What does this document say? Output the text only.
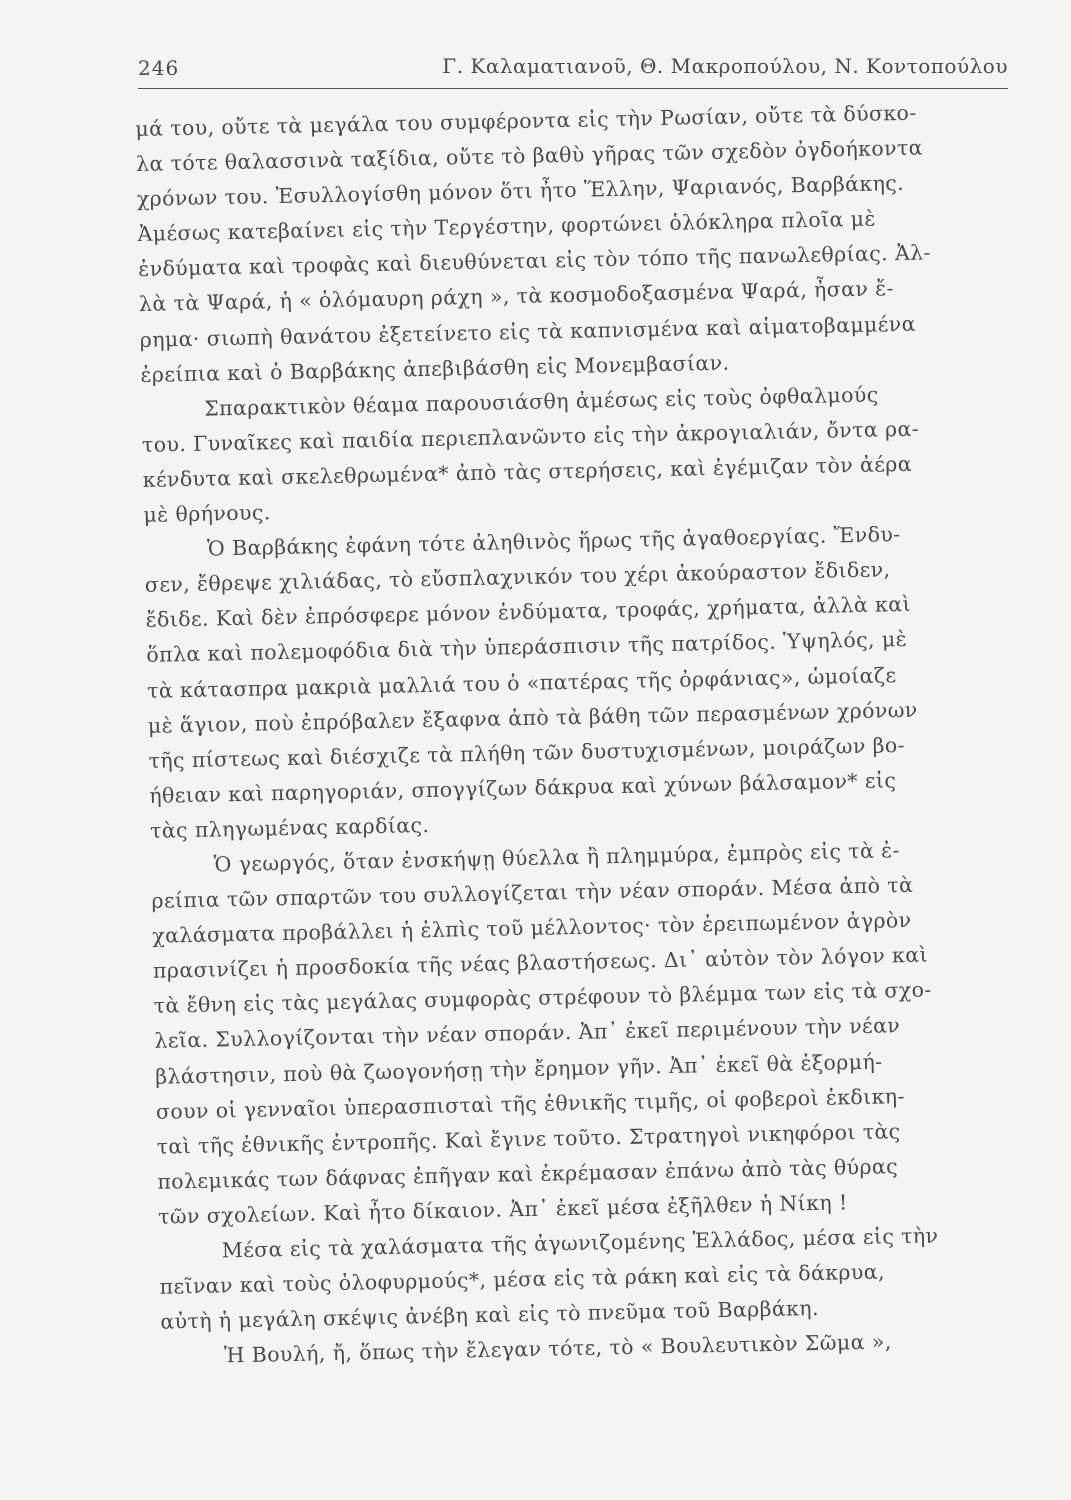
246	Γ. Καλαματιανοῦ, Θ. Μακροπούλου, Ν. Κοντοπούλου
μά του, οὔτε τὰ μεγάλα του συμφέροντα εἰς τὴν Ρωσίαν, οὔτε τὰ δύσκο-
λα τότε θαλασσινὰ ταξίδια, οὔτε τὸ βαθὺ γῆρας τῶν σχεδὸν ὀγδοήκοντα
χρόνων του. Ἐσυλλογίσθη μόνον ὅτι ἦτο Ἕλλην, Ψαριανός, Βαρβάκης.
Ἀμέσως κατεβαίνει εἰς τὴν Τεργέστην, φορτώνει ὁλόκληρα πλοῖα μὲ
ἐνδύματα καὶ τροφὰς καὶ διευθύνεται εἰς τὸν τόπο τῆς πανωλεθρίας. Ἀλ-
λὰ τὰ Ψαρά, ἡ « ὁλόμαυρη ράχη », τὰ κοσμοδοξασμένα Ψαρά, ἦσαν ἔ-
ρημα· σιωπὴ θανάτου ἐξετείνετο εἰς τὰ καπνισμένα καὶ αἱματοβαμμένα
ἐρείπια καὶ ὁ Βαρβάκης ἀπεβιβάσθη εἰς Μονεμβασίαν.
Σπαρακτικὸν θέαμα παρουσιάσθη ἀμέσως εἰς τοὺς ὀφθαλμούς
του. Γυναῖκες καὶ παιδία περιεπλανῶντο εἰς τὴν ἀκρογιαλιάν, ὄντα ρα-
κένδυτα καὶ σκελεθρωμένα* ἀπὸ τὰς στερήσεις, καὶ ἐγέμιζαν τὸν ἀέρα
μὲ θρήνους.
Ὁ Βαρβάκης ἐφάνη τότε ἀληθινὸς ἥρως τῆς ἀγαθοεργίας. Ἔνδυ-
σεν, ἔθρεψε χιλιάδας, τὸ εὔσπλαχνικόν του χέρι ἀκούραστον ἔδιδεν,
ἔδιδε. Καὶ δὲν ἐπρόσφερε μόνον ἐνδύματα, τροφάς, χρήματα, ἀλλὰ καὶ
ὅπλα καὶ πολεμοφόδια διὰ τὴν ὑπεράσπισιν τῆς πατρίδος. Ὑψηλός, μὲ
τὰ κάτασπρα μακριὰ μαλλιά του ὁ «πατέρας τῆς ὀρφάνιας», ὡμοίαζε
μὲ ἅγιον, ποὺ ἐπρόβαλεν ἔξαφνα ἀπὸ τὰ βάθη τῶν περασμένων χρόνων
τῆς πίστεως καὶ διέσχιζε τὰ πλήθη τῶν δυστυχισμένων, μοιράζων βο-
ήθειαν καὶ παρηγοριάν, σπογγίζων δάκρυα καὶ χύνων βάλσαμον* εἰς
τὰς πληγωμένας καρδίας.
Ὁ γεωργός, ὅταν ἐνσκήψῃ θύελλα ἢ πλημμύρα, ἐμπρὸς εἰς τὰ ἐ-
ρείπια τῶν σπαρτῶν του συλλογίζεται τὴν νέαν σποράν. Μέσα ἀπὸ τὰ
χαλάσματα προβάλλει ἡ ἐλπὶς τοῦ μέλλοντος· τὸν ἐρειπωμένον ἀγρὸν
πρασινίζει ἡ προσδοκία τῆς νέας βλαστήσεως. Δι᾿ αὐτὸν τὸν λόγον καὶ
τὰ ἔθνη εἰς τὰς μεγάλας συμφορὰς στρέφουν τὸ βλέμμα των εἰς τὰ σχο-
λεῖα. Συλλογίζονται τὴν νέαν σποράν. Ἀπ᾿ ἐκεῖ περιμένουν τὴν νέαν
βλάστησιν, ποὺ θὰ ζωογονήσῃ τὴν ἔρημον γῆν. Ἀπ᾿ ἐκεῖ θὰ ἐξορμή-
σουν οἱ γενναῖοι ὑπερασπισταὶ τῆς ἐθνικῆς τιμῆς, οἱ φοβεροὶ ἐκδικη-
ταὶ τῆς ἐθνικῆς ἐντροπῆς. Καὶ ἔγινε τοῦτο. Στρατηγοὶ νικηφόροι τὰς
πολεμικάς των δάφνας ἐπῆγαν καὶ ἐκρέμασαν ἐπάνω ἀπὸ τὰς θύρας
τῶν σχολείων. Καὶ ἦτο δίκαιον. Ἀπ᾿ ἐκεῖ μέσα ἐξῆλθεν ἡ Νίκη !
Μέσα εἰς τὰ χαλάσματα τῆς ἀγωνιζομένης Ἑλλάδος, μέσα εἰς τὴν
πεῖναν καὶ τοὺς ὀλοφυρμούς*, μέσα εἰς τὰ ράκη καὶ εἰς τὰ δάκρυα,
αὐτὴ ἡ μεγάλη σκέψις ἀνέβη καὶ εἰς τὸ πνεῦμα τοῦ Βαρβάκη.
Ἡ Βουλή, ἤ, ὅπως τὴν ἔλεγαν τότε, τὸ « Βουλευτικὸν Σῶμα »,
